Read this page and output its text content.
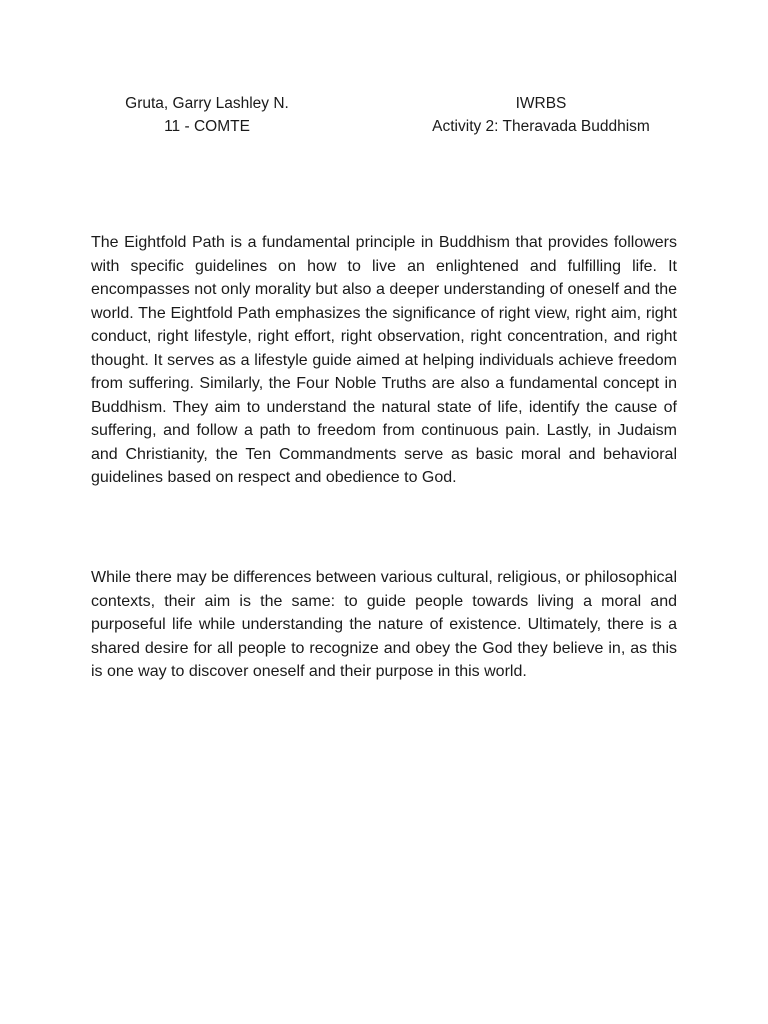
Gruta, Garry Lashley N.
11 - COMTE
IWRBS
Activity 2: Theravada Buddhism

The Eightfold Path is a fundamental principle in Buddhism that provides followers with specific guidelines on how to live an enlightened and fulfilling life. It encompasses not only morality but also a deeper understanding of oneself and the world. The Eightfold Path emphasizes the significance of right view, right aim, right conduct, right lifestyle, right effort, right observation, right concentration, and right thought. It serves as a lifestyle guide aimed at helping individuals achieve freedom from suffering. Similarly, the Four Noble Truths are also a fundamental concept in Buddhism. They aim to understand the natural state of life, identify the cause of suffering, and follow a path to freedom from continuous pain. Lastly, in Judaism and Christianity, the Ten Commandments serve as basic moral and behavioral guidelines based on respect and obedience to God.

While there may be differences between various cultural, religious, or philosophical contexts, their aim is the same: to guide people towards living a moral and purposeful life while understanding the nature of existence. Ultimately, there is a shared desire for all people to recognize and obey the God they believe in, as this is one way to discover oneself and their purpose in this world.
